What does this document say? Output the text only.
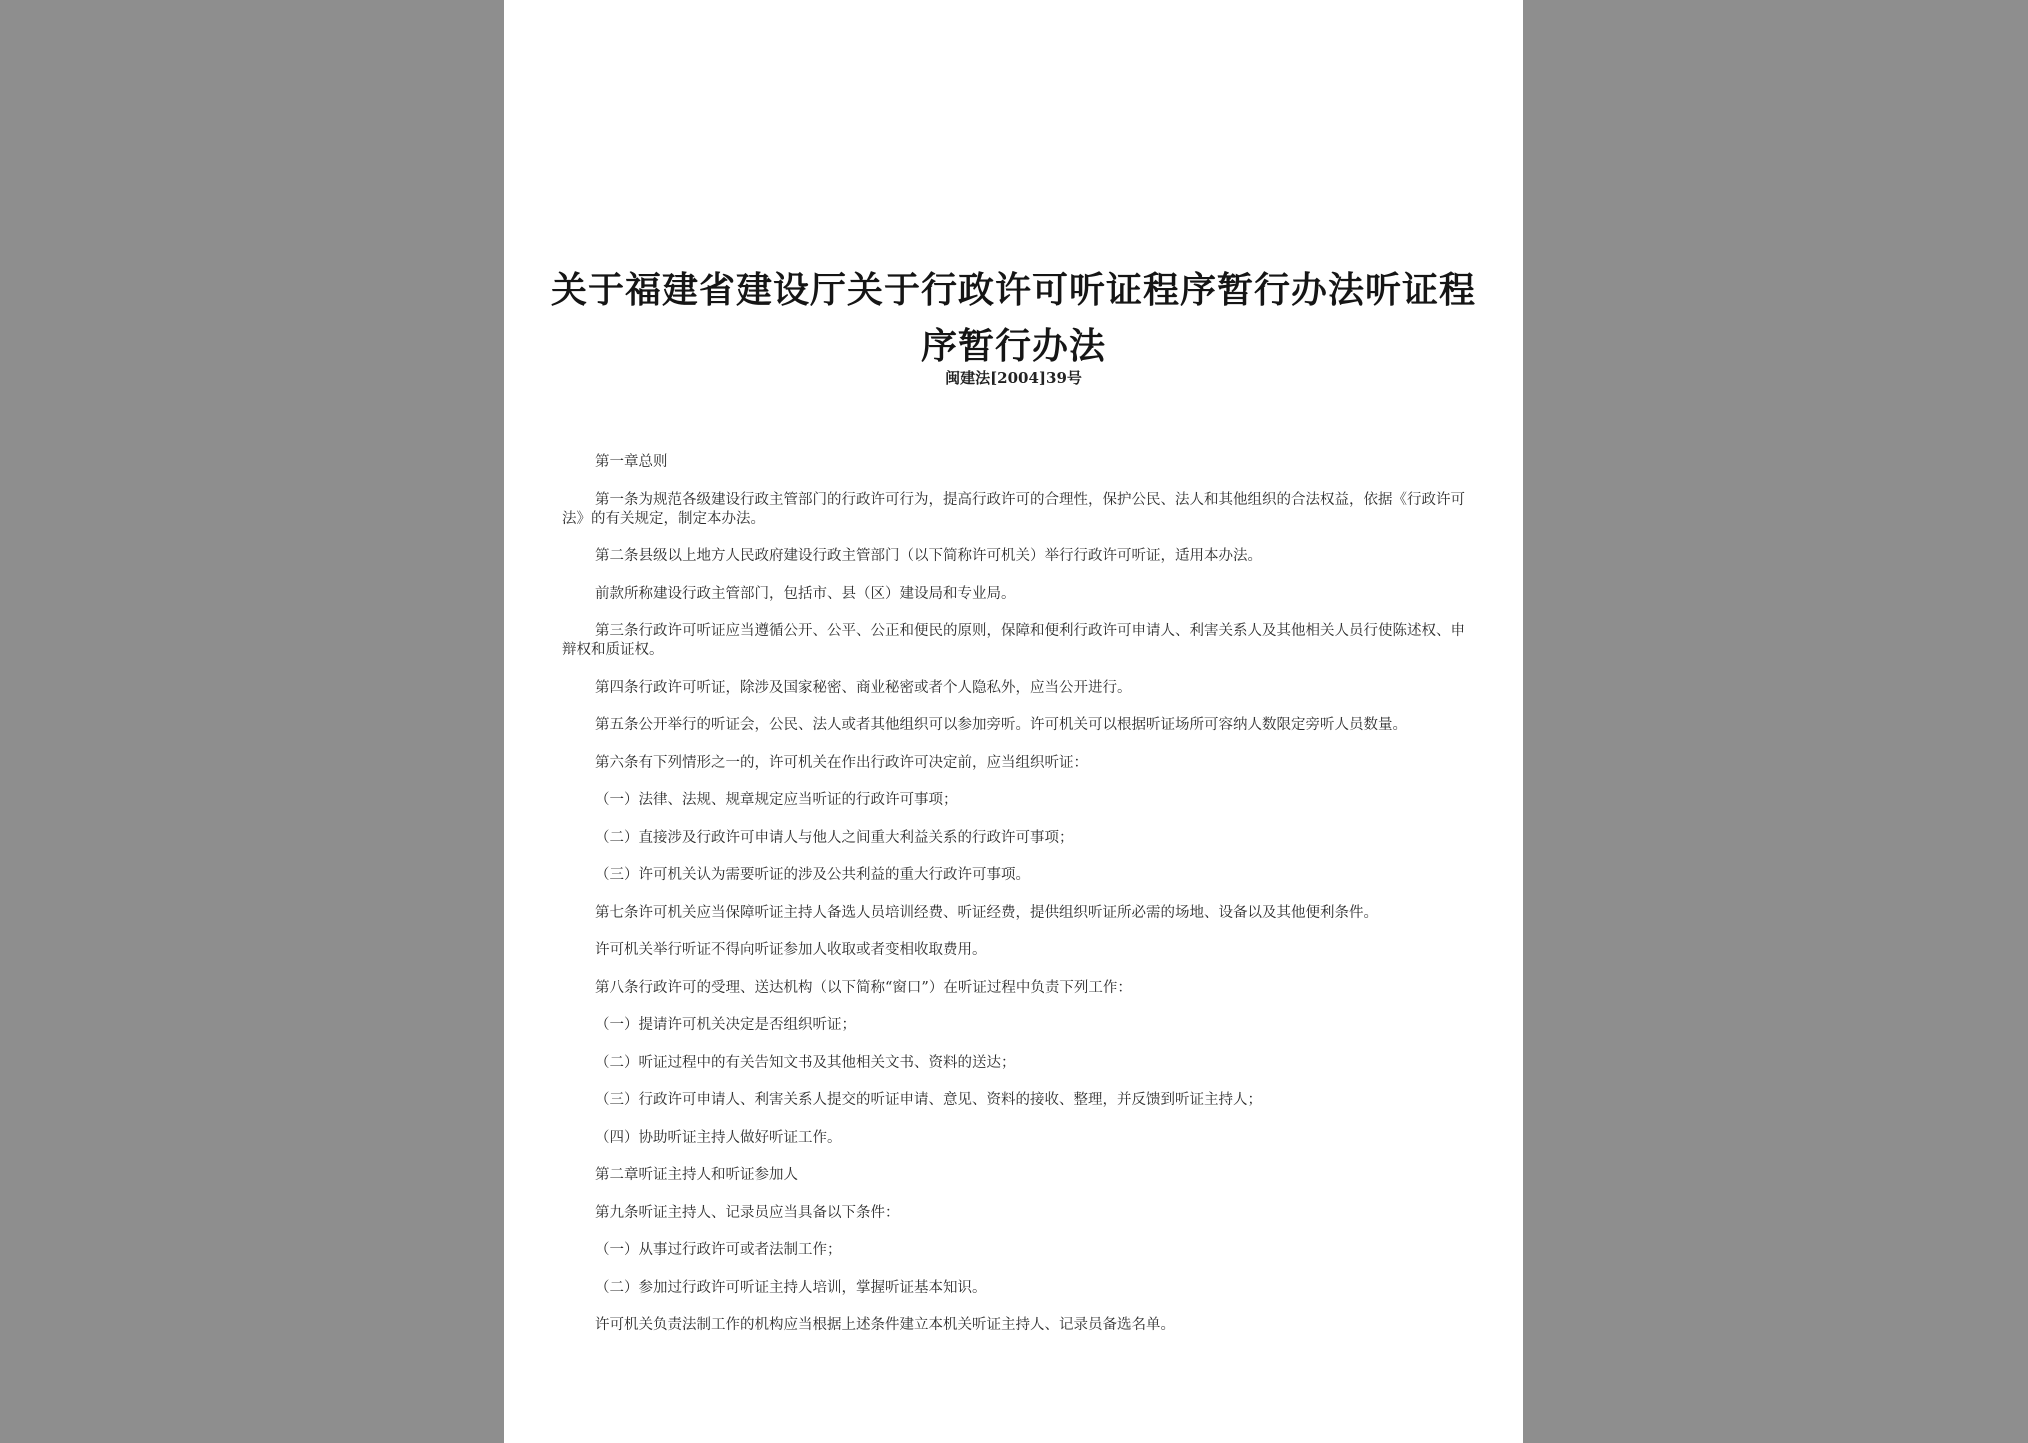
关于福建省建设厅关于行政许可听证程序暂行办法听证程序暂行办法
闽建法[2004]39号

第一章总则

第一条为规范各级建设行政主管部门的行政许可行为，提高行政许可的合理性，保护公民、法人和其他组织的合法权益，依据《行政许可法》的有关规定，制定本办法。

第二条县级以上地方人民政府建设行政主管部门（以下简称许可机关）举行行政许可听证，适用本办法。

前款所称建设行政主管部门，包括市、县（区）建设局和专业局。

第三条行政许可听证应当遵循公开、公平、公正和便民的原则，保障和便利行政许可申请人、利害关系人及其他相关人员行使陈述权、申辩权和质证权。

第四条行政许可听证，除涉及国家秘密、商业秘密或者个人隐私外，应当公开进行。

第五条公开举行的听证会，公民、法人或者其他组织可以参加旁听。许可机关可以根据听证场所可容纳人数限定旁听人员数量。

第六条有下列情形之一的，许可机关在作出行政许可决定前，应当组织听证：

（一）法律、法规、规章规定应当听证的行政许可事项；

（二）直接涉及行政许可申请人与他人之间重大利益关系的行政许可事项；

（三）许可机关认为需要听证的涉及公共利益的重大行政许可事项。

第七条许可机关应当保障听证主持人备选人员培训经费、听证经费，提供组织听证所必需的场地、设备以及其他便利条件。

许可机关举行听证不得向听证参加人收取或者变相收取费用。

第八条行政许可的受理、送达机构（以下简称“窗口”）在听证过程中负责下列工作：

（一）提请许可机关决定是否组织听证；

（二）听证过程中的有关告知文书及其他相关文书、资料的送达；

（三）行政许可申请人、利害关系人提交的听证申请、意见、资料的接收、整理，并反馈到听证主持人；

（四）协助听证主持人做好听证工作。

第二章听证主持人和听证参加人

第九条听证主持人、记录员应当具备以下条件：

（一）从事过行政许可或者法制工作；

（二）参加过行政许可听证主持人培训，掌握听证基本知识。

许可机关负责法制工作的机构应当根据上述条件建立本机关听证主持人、记录员备选名单。
